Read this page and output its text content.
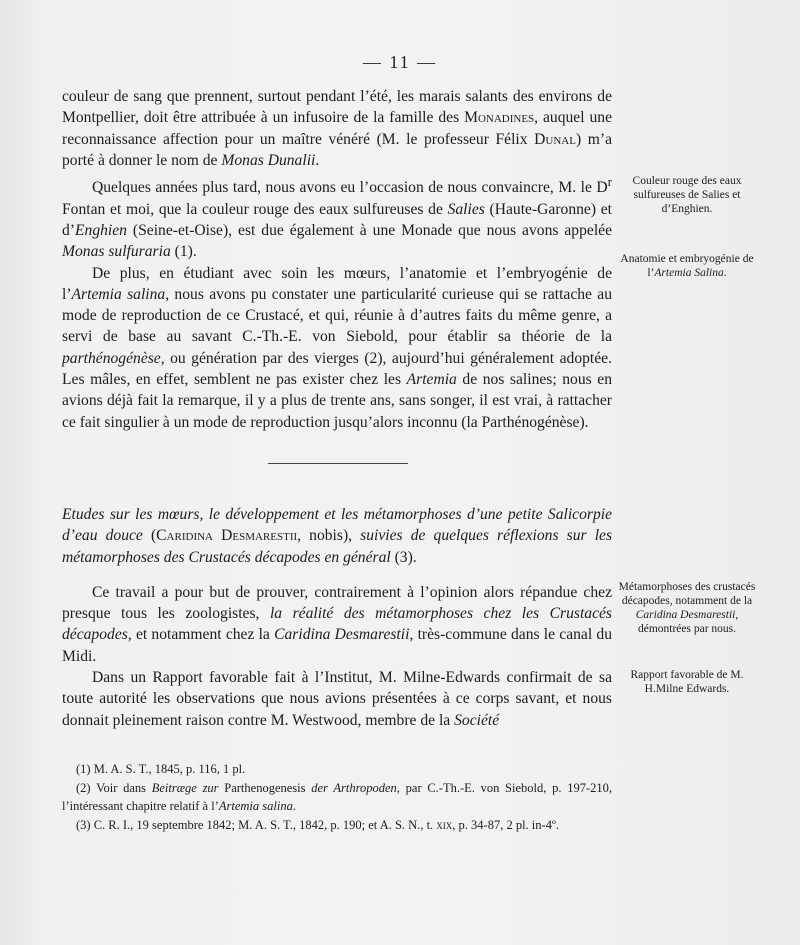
— 11 —

couleur de sang que prennent, surtout pendant l’été, les marais salants des environs de Montpellier, doit être attribuée à un infusoire de la famille des Monadines, auquel une reconnaissance affection pour un maître vénéré (M. le professeur Félix Dunal) m’a porté à donner le nom de Monas Dunalii.

Quelques années plus tard, nous avons eu l’occasion de nous convaincre, M. le $D^r$ Fontan et moi, que la couleur rouge des eaux sulfureuses de Salies (Haute-Garonne) et d’Enghien (Seine-et-Oise), est due également à une Monade que nous avons appelée Monas sulfuraria (1).

De plus, en étudiant avec soin les mœurs, l’anatomie et l’embryogénie de l’Artemia salina, nous avons pu constater une particularité curieuse qui se rattache au mode de reproduction de ce Crustacé, et qui, réunie à d’autres faits du même genre, a servi de base au savant C.-Th.-E. von Siebold, pour établir sa théorie de la parthénogénèse, ou génération par des vierges (2), aujourd’hui généralement adoptée. Les mâles, en effet, semblent ne pas exister chez les Artemia de nos salines; nous en avions déjà fait la remarque, il y a plus de trente ans, sans songer, il est vrai, à rattacher ce fait singulier à un mode de reproduction jusqu’alors inconnu (la Parthénogénèse).

Etudes sur les mœurs, le développement et les métamorphoses d’une petite Salicorpie d’eau douce (Caridina Desmarestii, nobis), suivies de quelques réflexions sur les métamorphoses des Crustacés décapodes en général (3).

Ce travail a pour but de prouver, contrairement à l’opinion alors répandue chez presque tous les zoologistes, la réalité des métamorphoses chez les Crustacés décapodes, et notamment chez la Caridina Desmarestii, très-commune dans le canal du Midi.

Dans un Rapport favorable fait à l’Institut, M. Milne-Edwards confirmait de sa toute autorité les observations que nous avions présentées à ce corps savant, et nous donnait pleinement raison contre M. Westwood, membre de la Société

Couleur rouge des eaux sulfureuses de Salies et d’Enghien.
Anatomie et embryogénie de l’Artemia Salina.
Métamorphoses des crustacés décapodes, notamment de la Caridina Desmarestii, démontrées par nous.
Rapport favorable de M. H.Milne Edwards.

(1) M. A. S. T., 1845, p. 116, 1 pl.

(2) Voir dans Beitræge zur Parthenogenesis der Arthropoden, par C.-Th.-E. von Siebold, p. 197-210, l’intéressant chapitre relatif à l’Artemia salina.

(3) C. R. I., 19 septembre 1842; M. A. S. T., 1842, p. 190; et A. S. N., t. xix, p. 34-87, 2 pl. in-4º.
